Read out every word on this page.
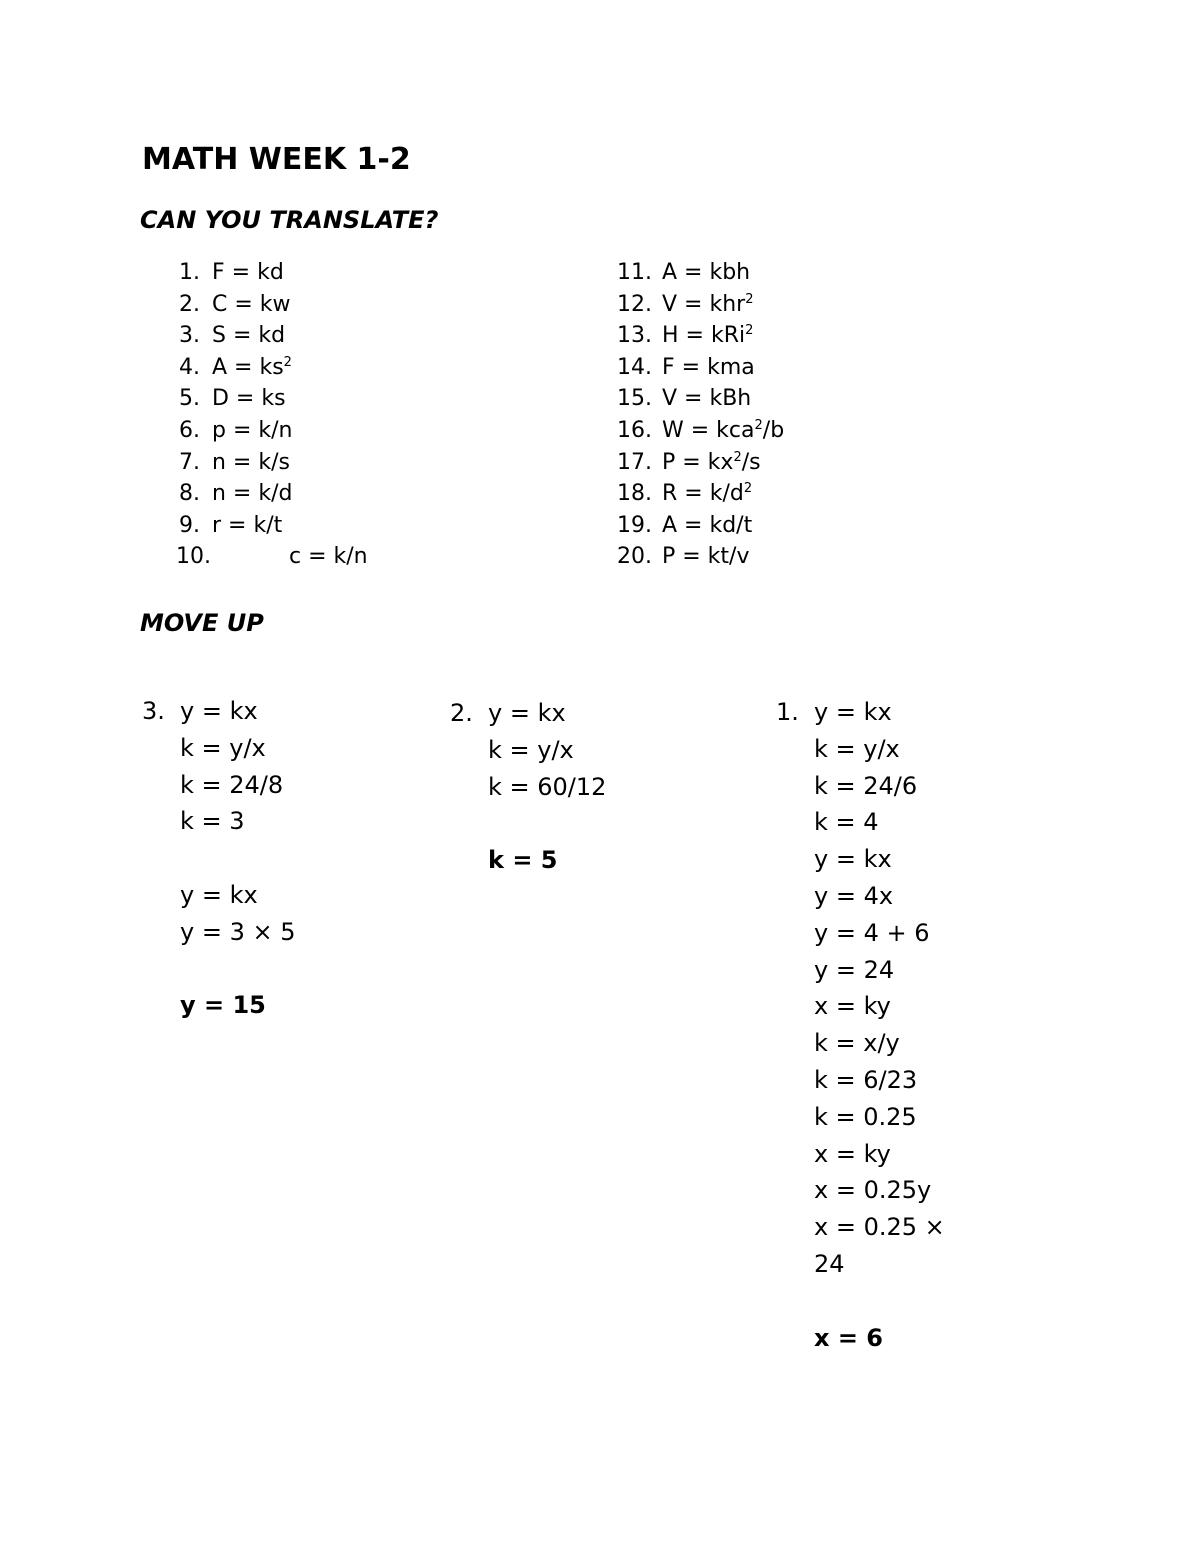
MATH WEEK 1-2
CAN YOU TRANSLATE?
1. F = kd
2. C = kw
3. S = kd
4. $A = ks^2$
5. D = ks
6. p = k/n
7. n = k/s
8. n = k/d
9. r = k/t
10.	c = k/n
11. A = kbh
12. V = khr$^2$
13. H = kRi$^2$
14. F = kma
15. V = kBh
16. W = kca$^2$/b
17. $P = kx^2/s$
18. $R = k/d^2$
19. A = kd/t
20. P = kt/v
MOVE UP
3. y = kx
k = y/x
k = 24/8
k = 3
y = kx
y = 3 × 5
y = 15
2. y = kx
k = y/x
k = 60/12
k = 5
1. y = kx
k = y/x
k = 24/6
k = 4
y = kx
y = 4x
y = 4 + 6
y = 24
x = ky
k = x/y
k = 6/23
k = 0.25
x = ky
x = 0.25y
x = 0.25 ×
24
x = 6
